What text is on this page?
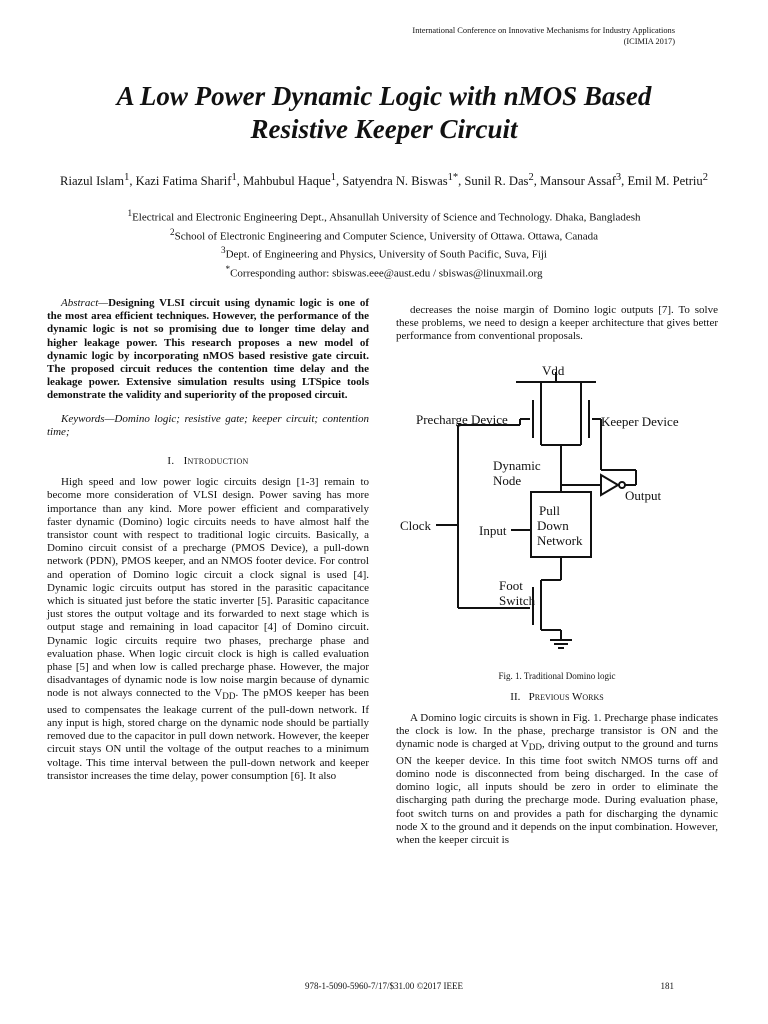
International Conference on Innovative Mechanisms for Industry Applications
(ICIMIA 2017)
A Low Power Dynamic Logic with nMOS Based
Resistive Keeper Circuit
Riazul Islam$^1$, Kazi Fatima Sharif$^1$, Mahbubul Haque$^1$, Satyendra N. Biswas$^{1*}$, Sunil R. Das$^2$, Mansour Assaf$^3$, Emil M. Petriu$^2$
$^1$Electrical and Electronic Engineering Dept., Ahsanullah University of Science and Technology. Dhaka, Bangladesh
$^2$School of Electronic Engineering and Computer Science, University of Ottawa. Ottawa, Canada
$^3$Dept. of Engineering and Physics, University of South Pacific, Suva, Fiji
*Corresponding author: sbiswas.eee@aust.edu / sbiswas@linuxmail.org

Abstract—Designing VLSI circuit using dynamic logic is one of the most area efficient techniques. However, the performance of the dynamic logic is not so promising due to longer time delay and higher leakage power. This research proposes a new model of dynamic logic by incorporating nMOS based resistive gate circuit. The proposed circuit reduces the contention time delay and the leakage power. Extensive simulation results using LTSpice tools demonstrate the validity and superiority of the proposed circuit.

Keywords—Domino logic; resistive gate; keeper circuit; contention time;

I. Introduction

High speed and low power logic circuits design [1-3] remain to become more consideration of VLSI design. Power saving has more importance than any kind. More power efficient and comparatively faster dynamic (Domino) logic circuits needs to have almost half the transistor count with respect to traditional logic circuits. Basically, a Domino circuit consist of a precharge (PMOS Device), a pull-down network (PDN), PMOS keeper, and an NMOS footer device. For control and operation of Domino logic circuit a clock signal is used [4]. Dynamic logic circuits output has stored in the parasitic capacitance which is situated just before the static inverter [5]. Parasitic capacitance just stores the output voltage and its forwarded to next stage which is output stage and remaining in load capacitor [4] of Domino circuit. Dynamic logic circuits require two phases, precharge phase and evaluation phase. When logic circuit clock is high is called evaluation phase [5] and when low is called precharge phase. However, the major disadvantages of dynamic node is low noise margin because of dynamic node is not always connected to the $V_{DD}$. The pMOS keeper has been used to compensates the leakage current of the pull-down network. If any input is high, stored charge on the dynamic node should be partially removed due to the capacitor in pull down network. However, the keeper circuit stays ON until the voltage of the output reaches to a minimum voltage. This time interval between the pull-down network and keeper transistor increases the time delay, power consumption [6]. It also

decreases the noise margin of Domino logic outputs [7]. To solve these problems, we need to design a keeper architecture that gives better performance from conventional proposals.

Vdd
Precharge Device	Keeper Device
Dynamic
Node
Output
Clock	Input
Pull
Down
Network
Foot
Switch
Fig. 1. Traditional Domino logic
II. Previous Works

A Domino logic circuits is shown in Fig. 1. Precharge phase indicates the clock is low. In the phase, precharge transistor is ON and the dynamic node is charged at $V_{DD}$, driving output to the ground and turns ON the keeper device. In this time foot switch NMOS turns off and domino node is disconnected from being discharged. In the case of domino logic, all inputs should be zero in order to eliminate the discharging path during the precharge mode. During evaluation phase, foot switch turns on and provides a path for discharging the dynamic node X to the ground and it depends on the input combination. However, when the keeper circuit is

978-1-5090-5960-7/17/$31.00 ©2017 IEEE	181
